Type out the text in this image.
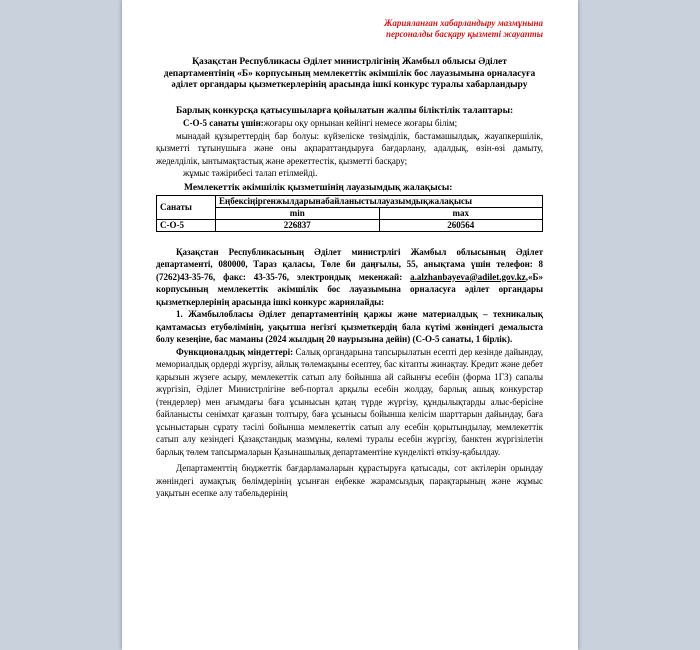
Жарияланған хабарландыру мазмұнына
персоналды басқару қызметі жауапты
Қазақстан Республикасы Әділет министрлігінің Жамбыл облысы Әділет департаментінің «Б» корпусының мемлекеттік әкімшілік бос лауазымына орналасуға әділет органдары қызметкерлерінің арасында ішкі конкурс туралы хабарландыру
Барлық конкурсқа қатысушыларға қойылатын жалпы біліктілік талаптары:

С-О-5 санаты үшін:жоғары оқу орнынан кейінгі немесе жоғары білім;

мынадай құзыреттердің бар болуы: күйзеліске төзімділік, бастамашылдық, жауапкершілік, қызметті тұтынушыға және оны ақпараттандыруға бағдарлану, адалдық, өзін-өзі дамыту, жеделділік, ынтымақтастық және әрекеттестік, қызметті басқару;

жұмыс тәжірибесі талап етілмейді.

Мемлекеттік әкімшілік қызметшінің лауазымдық жалақысы:
Санаты	Еңбексіңіргенжылдарынабайланыстылауазымдықжалақысы	
	min	max
С-О-5	226837	260564

Қазақстан Республикасының Әділет министрлігі Жамбыл облысының Әділет департаменті, 080000, Тараз қаласы, Төле би даңғылы, 55, анықтама үшін телефон: 8 (7262)43-35-76, факс: 43-35-76, электрондық мекенжай: a.alzhanbayeva@adilet.gov.kz,«Б» корпусының мемлекеттік әкімшілік бос лауазымына орналасуға әділет органдары қызметкерлерінің арасында ішкі конкурс жариялайды:

1. Жамбылобласы Әділет департаментінің қаржы және материалдық – техникалық қамтамасыз етубөлімінің, уақытша негізгі қызметкердің бала күтімі жөніндегі демалыста болу кезеңіне, бас маманы (2024 жылдың 20 наурызына дейін) (С-О-5 санаты, 1 бірлік).

Функционалдық міндеттері: Салық органдарына тапсырылатын есепті дер кезінде дайындау, мемориалдық ордерді жүргізу, айлық төлемақыны есептеу, бас кітапты жинақтау. Кредит және дебет қарызын жүзеге асыру, мемлекеттік сатып алу бойынша ай сайынғы есебін (форма 1ГЗ) сапалы жүргізіп, Әділет Министрлігіне веб-портал арқылы есебін жолдау, барлық ашық конкурстар (тендерлер) мен ағымдағы баға ұсынысын қатаң түрде жүргізу, құндылықтарды алыс-берісіне байланысты сенімхат қағазын толтыру, баға ұсынысы бойынша келісім шарттарын дайындау, баға ұсыныстарын сұрату тәсілі бойынша мемлекеттік сатып алу есебін қорытындылау, мемлекеттік сатып алу кезіндегі Қазақстандық мазмұны, көлемі туралы есебін жүргізу, банктен жүргізілетін барлық төлем тапсырмаларын Қазынашылық департаментіне күнделікті өткізу-қабылдау.

Департаменттің бюджеттік бағдарламаларын құрастыруға қатысады, сот актілерін орындау жөніндегі аумақтық бөлімдерінің ұсынған еңбекке жарамсыздық парақтарының және жұмыс уақытын есепке алу табельдерінің
